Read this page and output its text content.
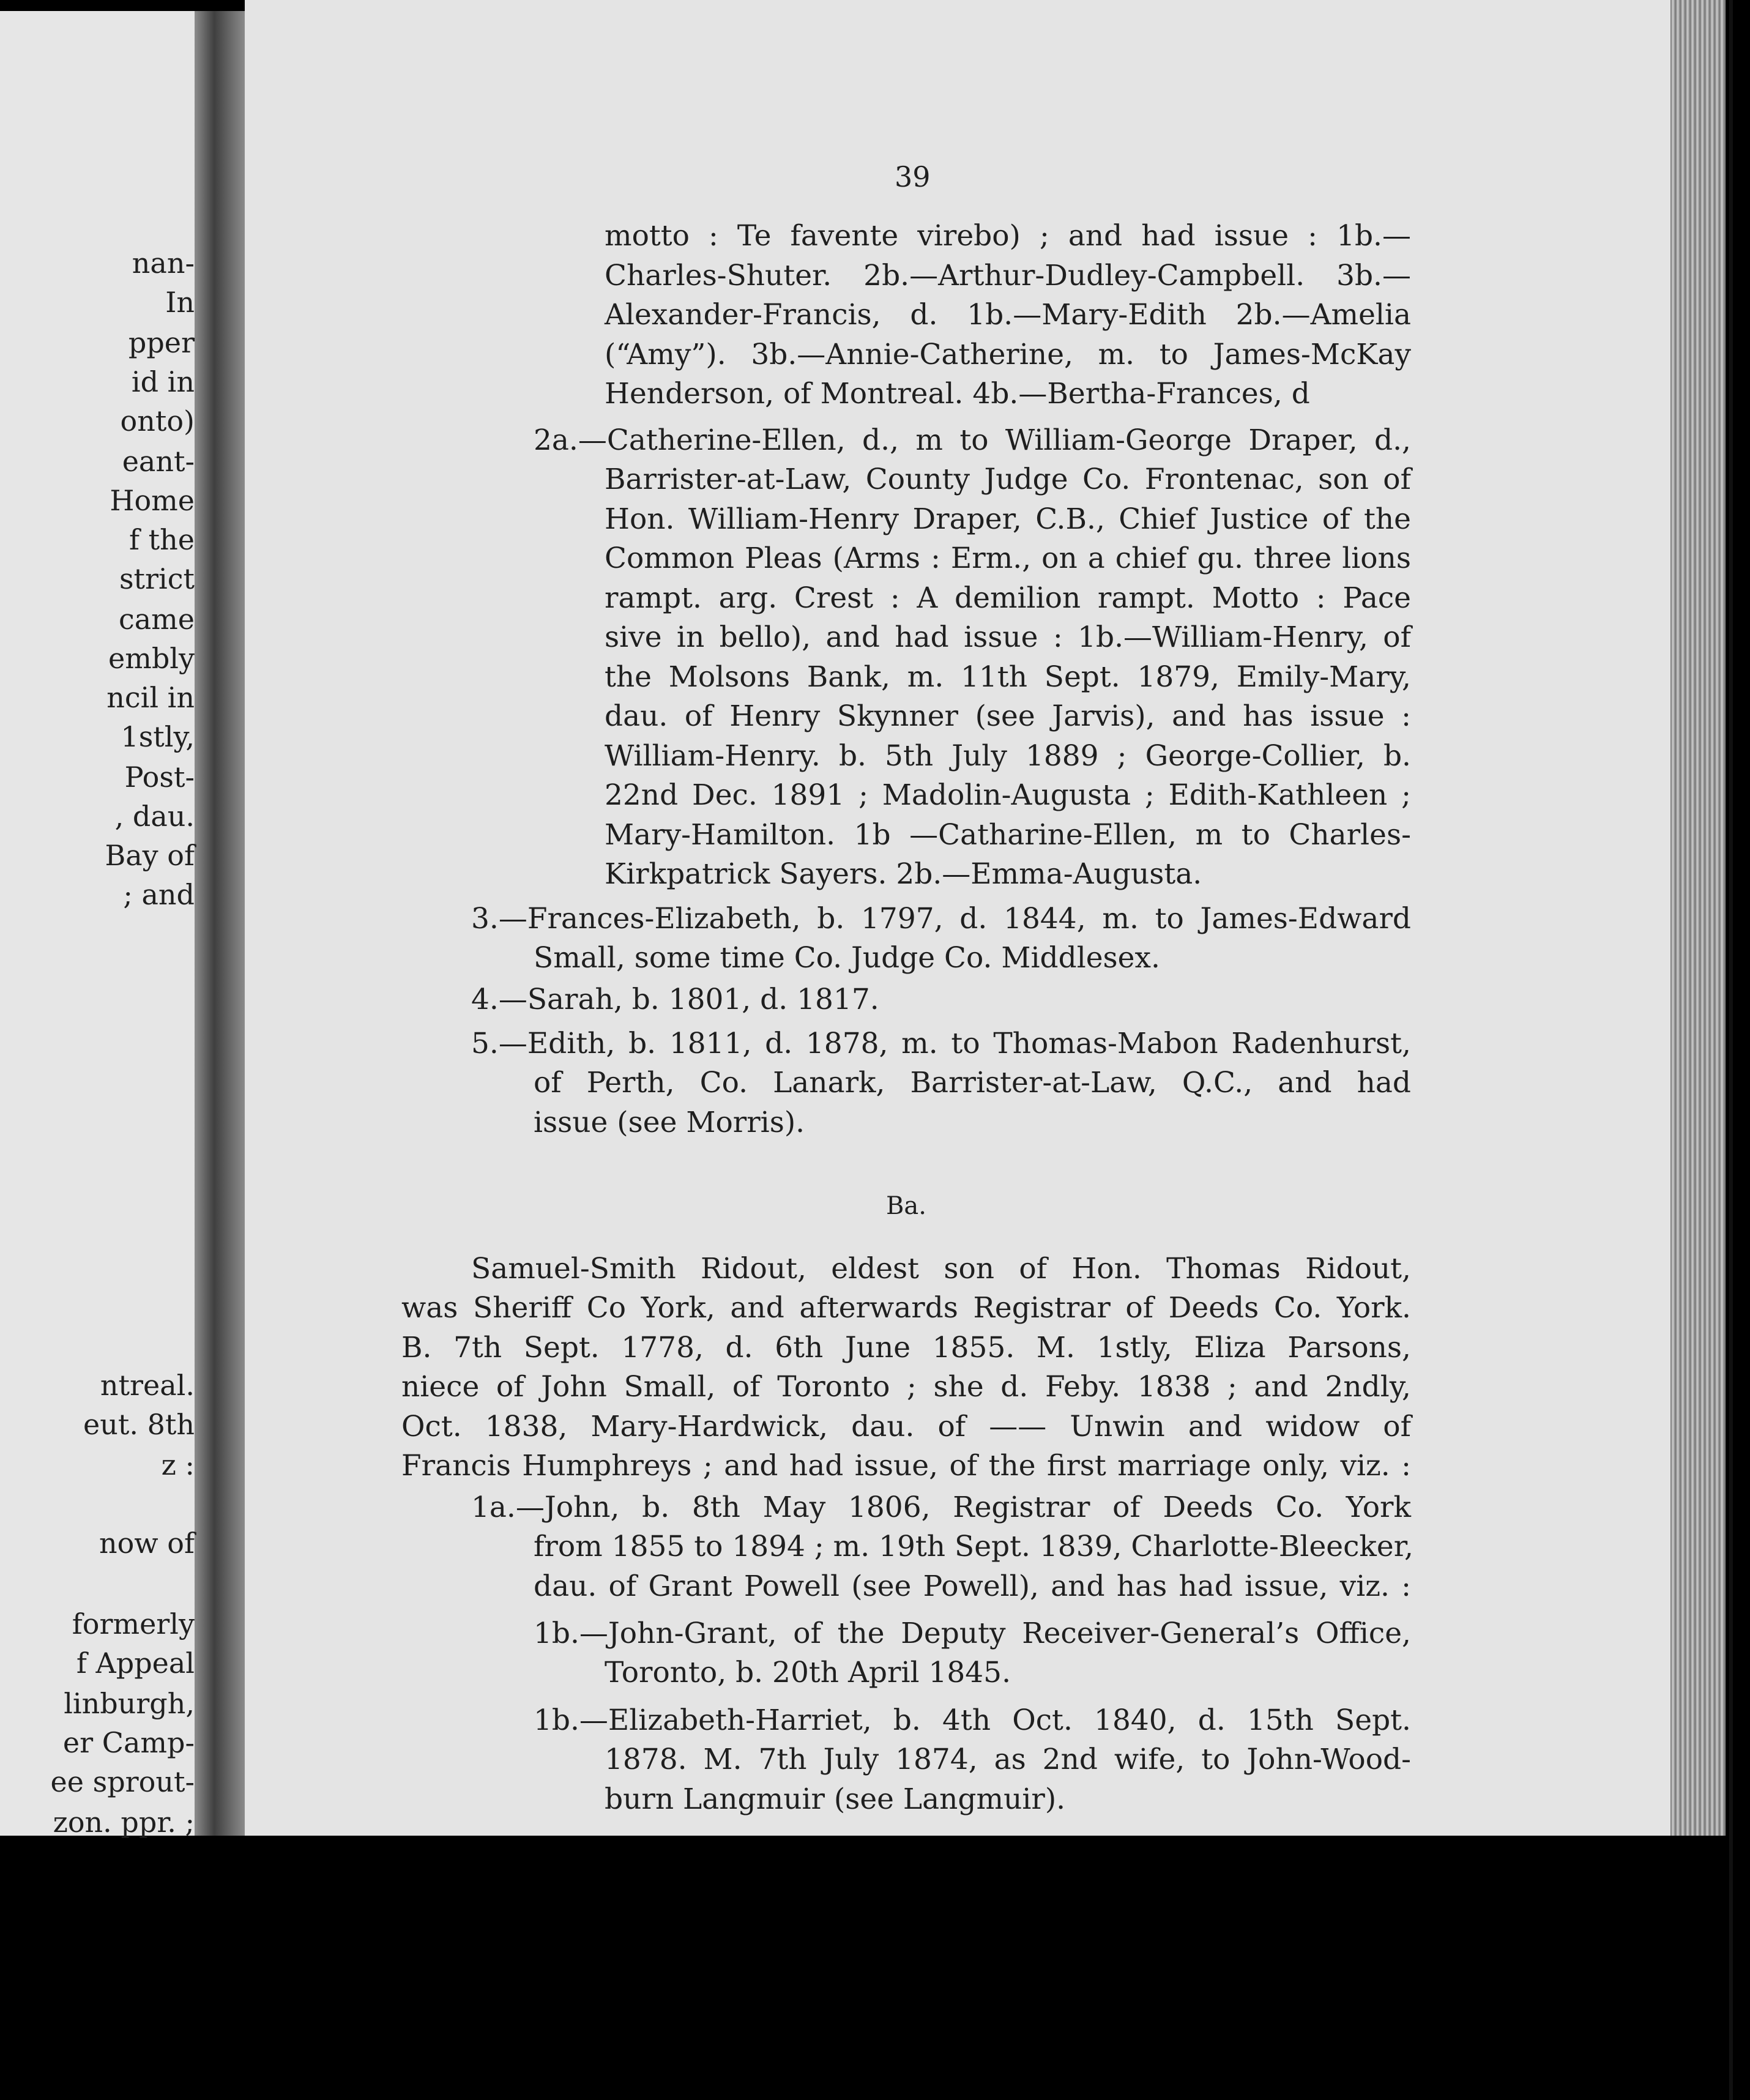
nan-
In
pper
id in
onto)
eant-
Home
f the
strict
came
embly
ncil in
1stly,
Post-
, dau.
Bay of
; and
ntreal.
eut. 8th
z :
now of
formerly
f Appeal
linburgh,
er Camp-
ee sprout-
zon. ppr. ;
39
motto : Te favente virebo) ; and had issue : 1b.—
Charles-Shuter. 2b.—Arthur-Dudley-Campbell. 3b.—
Alexander-Francis, d. 1b.—Mary-Edith 2b.—Amelia
(“Amy”). 3b.—Annie-Catherine, m. to James-McKay
Henderson, of Montreal. 4b.—Bertha-Frances, d
2a.—Catherine-Ellen, d., m to William-George Draper, d.,
Barrister-at-Law, County Judge Co. Frontenac, son of
Hon. William-Henry Draper, C.B., Chief Justice of the
Common Pleas (Arms : Erm., on a chief gu. three lions
rampt. arg. Crest : A demilion rampt. Motto : Pace
sive in bello), and had issue : 1b.—William-Henry, of
the Molsons Bank, m. 11th Sept. 1879, Emily-Mary,
dau. of Henry Skynner (see Jarvis), and has issue :
William-Henry. b. 5th July 1889 ; George-Collier, b.
22nd Dec. 1891 ; Madolin-Augusta ; Edith-Kathleen ;
Mary-Hamilton. 1b —Catharine-Ellen, m to Charles-
Kirkpatrick Sayers. 2b.—Emma-Augusta.
3.—Frances-Elizabeth, b. 1797, d. 1844, m. to James-Edward
Small, some time Co. Judge Co. Middlesex.
4.—Sarah, b. 1801, d. 1817.
5.—Edith, b. 1811, d. 1878, m. to Thomas-Mabon Radenhurst,
of Perth, Co. Lanark, Barrister-at-Law, Q.C., and had
issue (see Morris).
Ba.
Samuel-Smith Ridout, eldest son of Hon. Thomas Ridout,
was Sheriff Co York, and afterwards Registrar of Deeds Co. York.
B. 7th Sept. 1778, d. 6th June 1855. M. 1stly, Eliza Parsons,
niece of John Small, of Toronto ; she d. Feby. 1838 ; and 2ndly,
Oct. 1838, Mary-Hardwick, dau. of —— Unwin and widow of
Francis Humphreys ; and had issue, of the first marriage only, viz. :
1a.—John, b. 8th May 1806, Registrar of Deeds Co. York
from 1855 to 1894 ; m. 19th Sept. 1839, Charlotte-Bleecker,
dau. of Grant Powell (see Powell), and has had issue, viz. :
1b.—John-Grant, of the Deputy Receiver-General’s Office,
Toronto, b. 20th April 1845.
1b.—Elizabeth-Harriet, b. 4th Oct. 1840, d. 15th Sept.
1878. M. 7th July 1874, as 2nd wife, to John-Wood-
burn Langmuir (see Langmuir).
